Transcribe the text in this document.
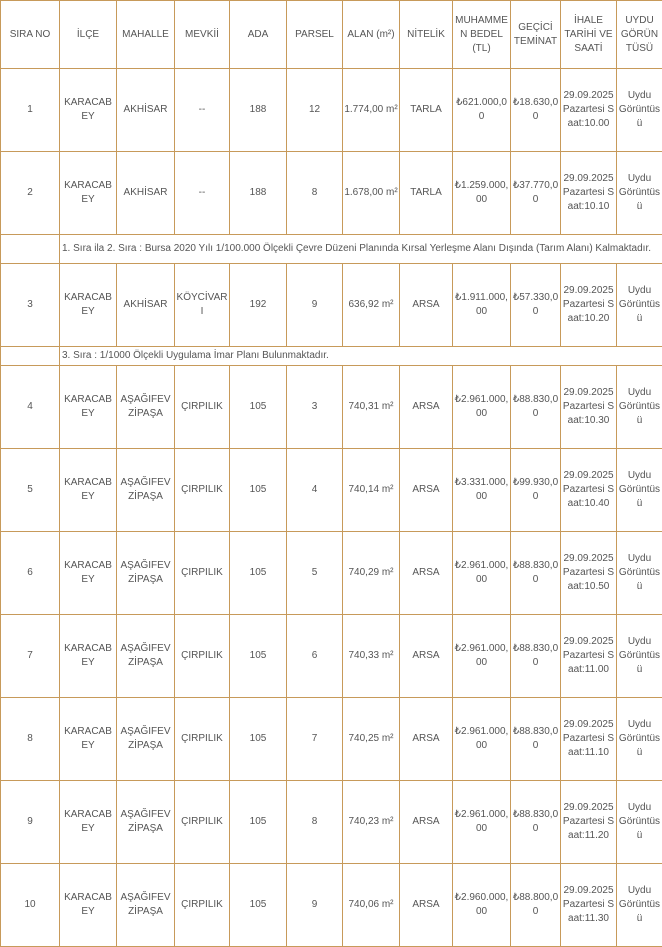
SIRA NO	İLÇE	MAHALLE	MEVKİİ	ADA	PARSEL	ALAN (m²)	NİTELİK	MUHAMMEN BEDEL (TL)	GEÇİCİ TEMİNAT	İHALE TARİHİ VE SAATİ	UYDU GÖRÜNTÜSÜ
1	KARACABEY	AKHİSAR	--	188	12	1.774,00 m²	TARLA	₺621.000,00	₺18.630,00	29.09.2025 Pazartesi Saat:10.00	Uydu Görüntüsü
2	KARACABEY	AKHİSAR	--	188	8	1.678,00 m²	TARLA	₺1.259.000,00	₺37.770,00	29.09.2025 Pazartesi Saat:10.10	Uydu Görüntüsü
	1. Sıra ila 2. Sıra : Bursa 2020 Yılı 1/100.000 Ölçekli Çevre Düzeni Planında Kırsal Yerleşme Alanı Dışında (Tarım Alanı) Kalmaktadır.										
3	KARACABEY	AKHİSAR	KÖYCİVARI	192	9	636,92 m²	ARSA	₺1.911.000,00	₺57.330,00	29.09.2025 Pazartesi Saat:10.20	Uydu Görüntüsü
	3. Sıra : 1/1000 Ölçekli Uygulama İmar Planı Bulunmaktadır.										
4	KARACABEY	AŞAĞIFEVZİPAŞA	ÇIRPILIK	105	3	740,31 m²	ARSA	₺2.961.000,00	₺88.830,00	29.09.2025 Pazartesi Saat:10.30	Uydu Görüntüsü
5	KARACABEY	AŞAĞIFEVZİPAŞA	ÇIRPILIK	105	4	740,14 m²	ARSA	₺3.331.000,00	₺99.930,00	29.09.2025 Pazartesi Saat:10.40	Uydu Görüntüsü
6	KARACABEY	AŞAĞIFEVZİPAŞA	ÇIRPILIK	105	5	740,29 m²	ARSA	₺2.961.000,00	₺88.830,00	29.09.2025 Pazartesi Saat:10.50	Uydu Görüntüsü
7	KARACABEY	AŞAĞIFEVZİPAŞA	ÇIRPILIK	105	6	740,33 m²	ARSA	₺2.961.000,00	₺88.830,00	29.09.2025 Pazartesi Saat:11.00	Uydu Görüntüsü
8	KARACABEY	AŞAĞIFEVZİPAŞA	ÇIRPILIK	105	7	740,25 m²	ARSA	₺2.961.000,00	₺88.830,00	29.09.2025 Pazartesi Saat:11.10	Uydu Görüntüsü
9	KARACABEY	AŞAĞIFEVZİPAŞA	ÇIRPILIK	105	8	740,23 m²	ARSA	₺2.961.000,00	₺88.830,00	29.09.2025 Pazartesi Saat:11.20	Uydu Görüntüsü
10	KARACABEY	AŞAĞIFEVZİPAŞA	ÇIRPILIK	105	9	740,06 m²	ARSA	₺2.960.000,00	₺88.800,00	29.09.2025 Pazartesi Saat:11.30	Uydu Görüntüsü
